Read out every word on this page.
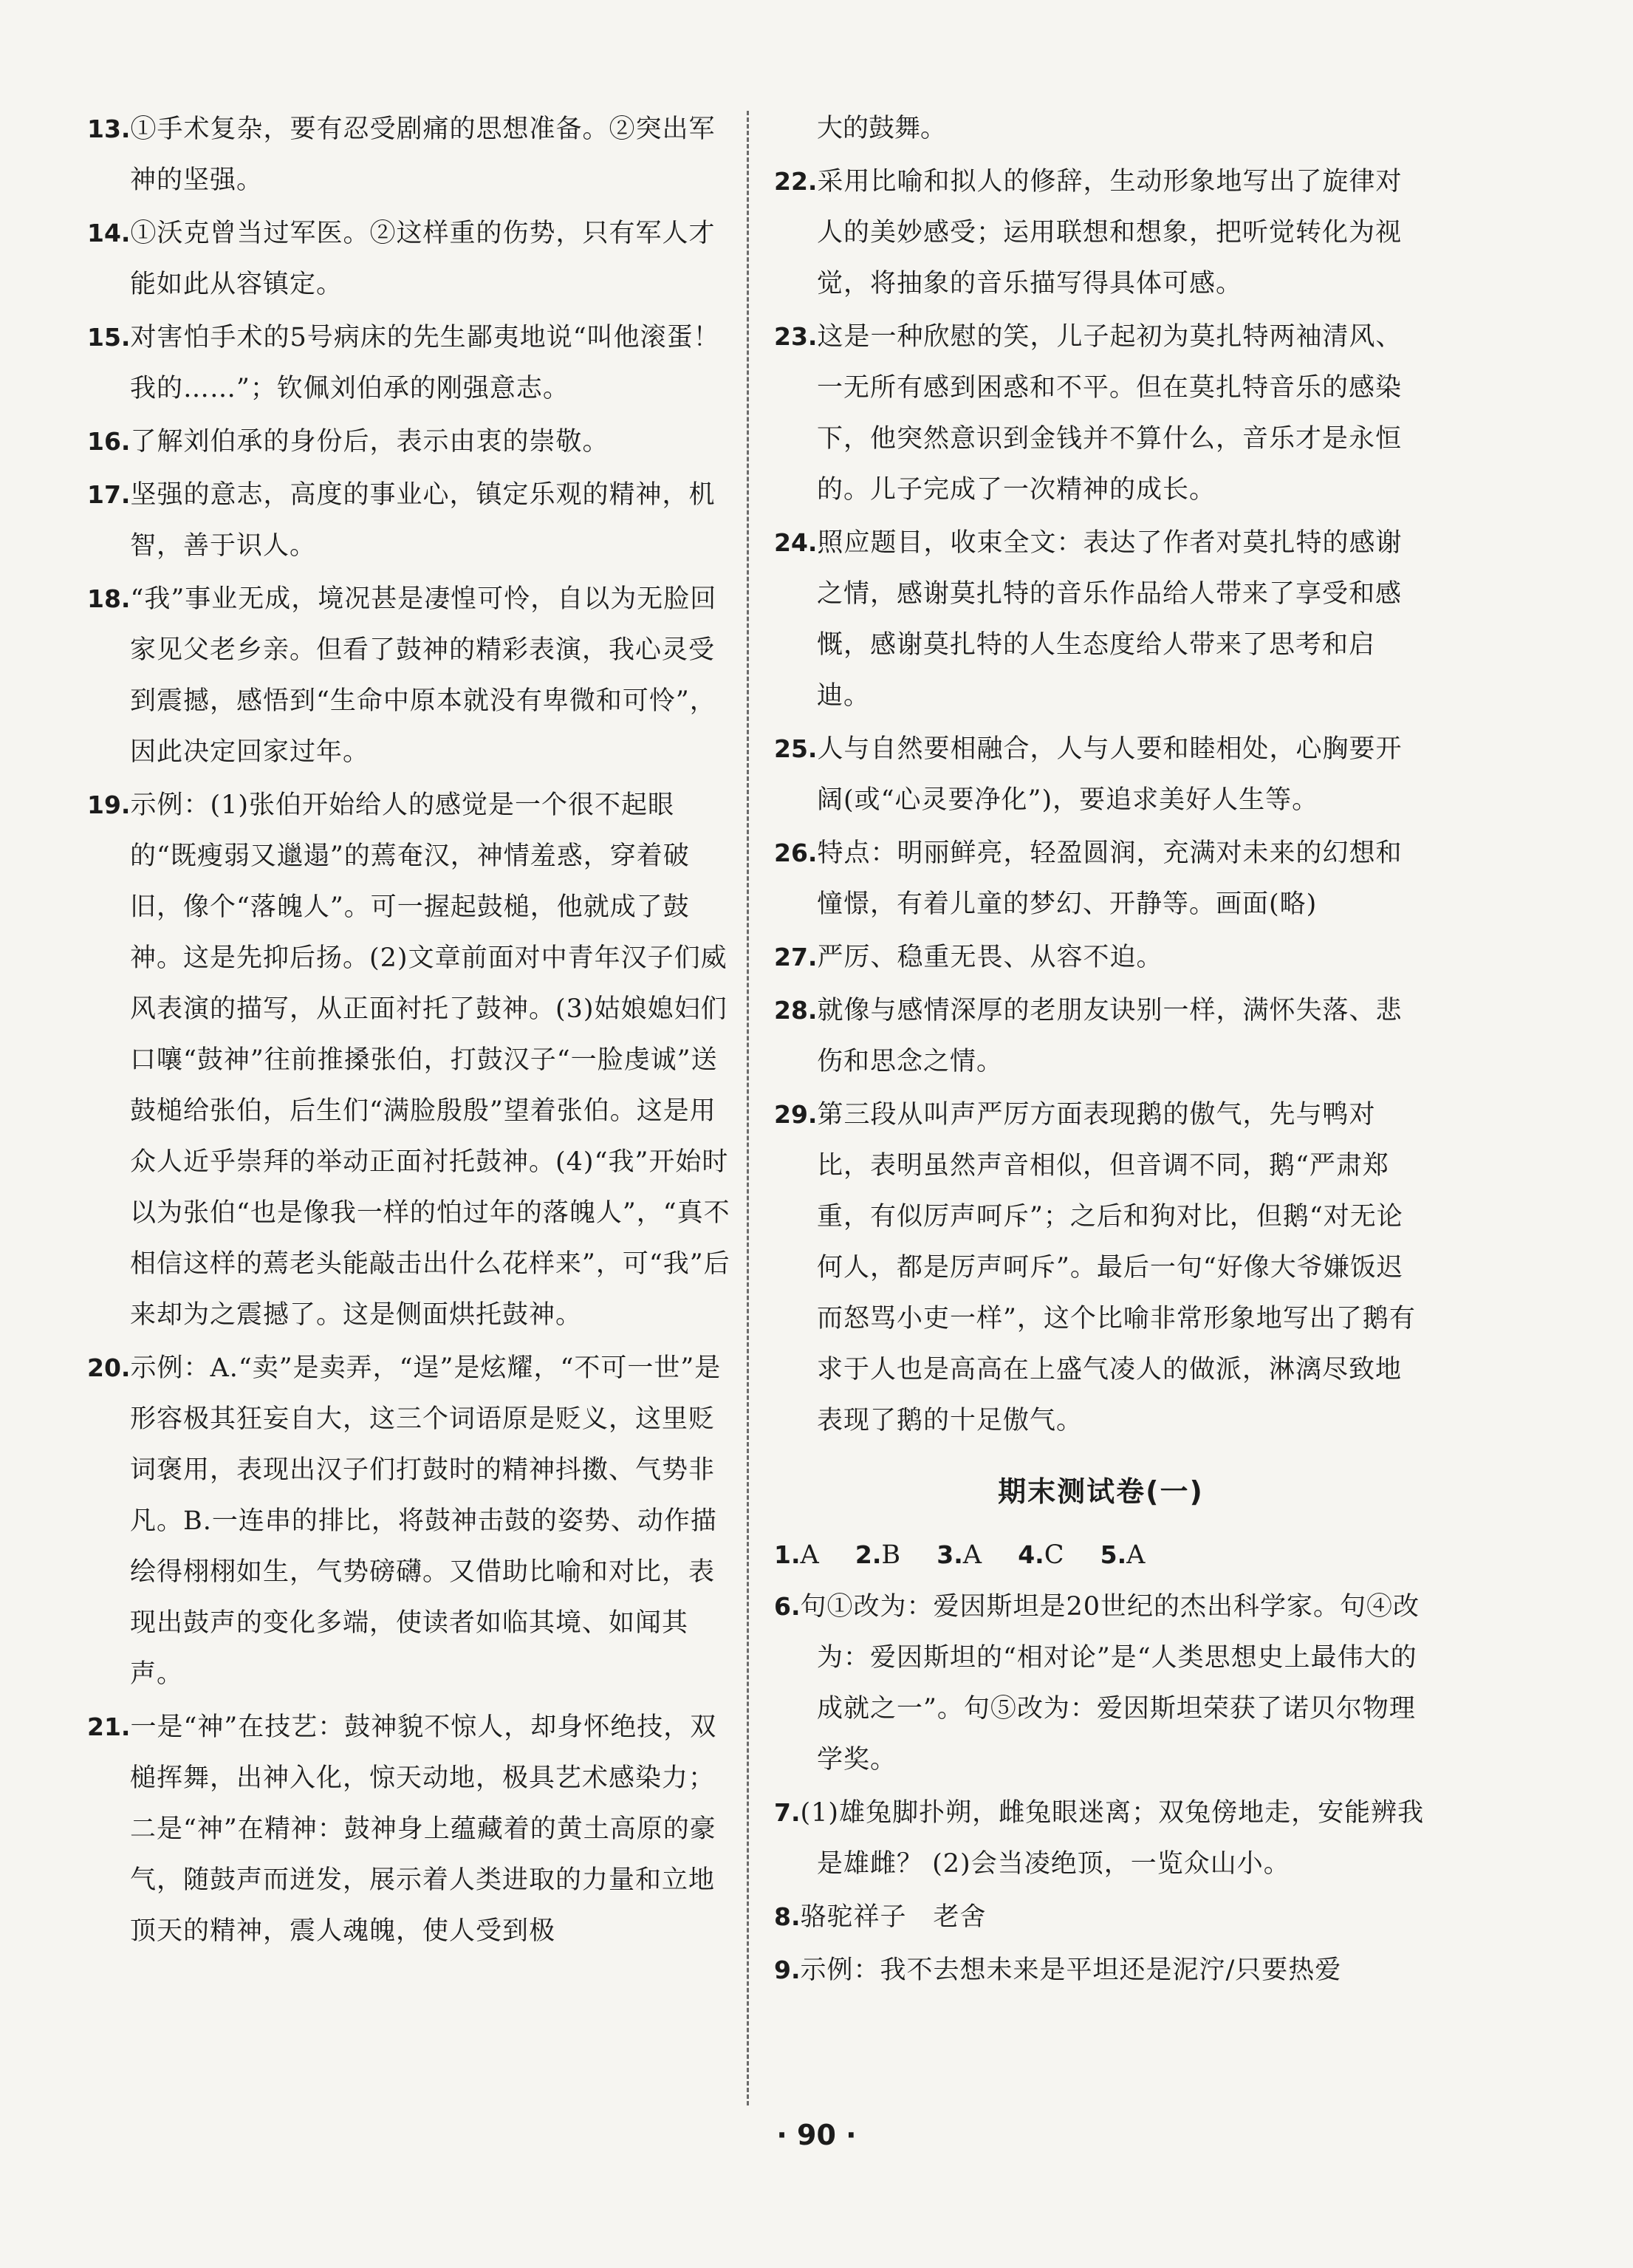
13.①手术复杂，要有忍受剧痛的思想准备。②突出军神的坚强。
14.①沃克曾当过军医。②这样重的伤势，只有军人才能如此从容镇定。
15.对害怕手术的5号病床的先生鄙夷地说“叫他滚蛋！我的……”；钦佩刘伯承的刚强意志。
16.了解刘伯承的身份后，表示由衷的崇敬。
17.坚强的意志，高度的事业心，镇定乐观的精神，机智，善于识人。
18.“我”事业无成，境况甚是凄惶可怜，自以为无脸回家见父老乡亲。但看了鼓神的精彩表演，我心灵受到震撼，感悟到“生命中原本就没有卑微和可怜”，因此决定回家过年。
19.示例：(1)张伯开始给人的感觉是一个很不起眼的“既瘦弱又邋遢”的蔫奄汉，神情羞惑，穿着破旧，像个“落魄人”。可一握起鼓槌，他就成了鼓神。这是先抑后扬。(2)文章前面对中青年汉子们威风表演的描写，从正面衬托了鼓神。(3)姑娘媳妇们口嚷“鼓神”往前推搡张伯，打鼓汉子“一脸虔诚”送鼓槌给张伯，后生们“满脸殷殷”望着张伯。这是用众人近乎崇拜的举动正面衬托鼓神。(4)“我”开始时以为张伯“也是像我一样的怕过年的落魄人”，“真不相信这样的蔫老头能敲击出什么花样来”，可“我”后来却为之震撼了。这是侧面烘托鼓神。
20.示例：A.“卖”是卖弄，“逞”是炫耀，“不可一世”是形容极其狂妄自大，这三个词语原是贬义，这里贬词褒用，表现出汉子们打鼓时的精神抖擞、气势非凡。B.一连串的排比，将鼓神击鼓的姿势、动作描绘得栩栩如生，气势磅礴。又借助比喻和对比，表现出鼓声的变化多端，使读者如临其境、如闻其声。
21.一是“神”在技艺：鼓神貌不惊人，却身怀绝技，双槌挥舞，出神入化，惊天动地，极具艺术感染力；二是“神”在精神：鼓神身上蕴藏着的黄土高原的豪气，随鼓声而迸发，展示着人类进取的力量和立地顶天的精神，震人魂魄，使人受到极
大的鼓舞。
22.采用比喻和拟人的修辞，生动形象地写出了旋律对人的美妙感受；运用联想和想象，把听觉转化为视觉，将抽象的音乐描写得具体可感。
23.这是一种欣慰的笑，儿子起初为莫扎特两袖清风、一无所有感到困惑和不平。但在莫扎特音乐的感染下，他突然意识到金钱并不算什么，音乐才是永恒的。儿子完成了一次精神的成长。
24.照应题目，收束全文：表达了作者对莫扎特的感谢之情，感谢莫扎特的音乐作品给人带来了享受和感慨，感谢莫扎特的人生态度给人带来了思考和启迪。
25.人与自然要相融合，人与人要和睦相处，心胸要开阔(或“心灵要净化”)，要追求美好人生等。
26.特点：明丽鲜亮，轻盈圆润，充满对未来的幻想和憧憬，有着儿童的梦幻、开静等。画面(略)
27.严厉、稳重无畏、从容不迫。
28.就像与感情深厚的老朋友诀别一样，满怀失落、悲伤和思念之情。
29.第三段从叫声严厉方面表现鹅的傲气，先与鸭对比，表明虽然声音相似，但音调不同，鹅“严肃郑重，有似厉声呵斥”；之后和狗对比，但鹅“对无论何人，都是厉声呵斥”。最后一句“好像大爷嫌饭迟而怒骂小吏一样”，这个比喻非常形象地写出了鹅有求于人也是高高在上盛气凌人的做派，淋漓尽致地表现了鹅的十足傲气。
期末测试卷(一)
1.A 2.B 3.A 4.C 5.A
6.句①改为：爱因斯坦是20世纪的杰出科学家。句④改为：爱因斯坦的“相对论”是“人类思想史上最伟大的成就之一”。句⑤改为：爱因斯坦荣获了诺贝尔物理学奖。
7.(1)雄兔脚扑朔，雌兔眼迷离；双兔傍地走，安能辨我是雄雌？ (2)会当凌绝顶，一览众山小。
8.骆驼祥子　老舍
9.示例：我不去想未来是平坦还是泥泞/只要热爱
· 90 ·
